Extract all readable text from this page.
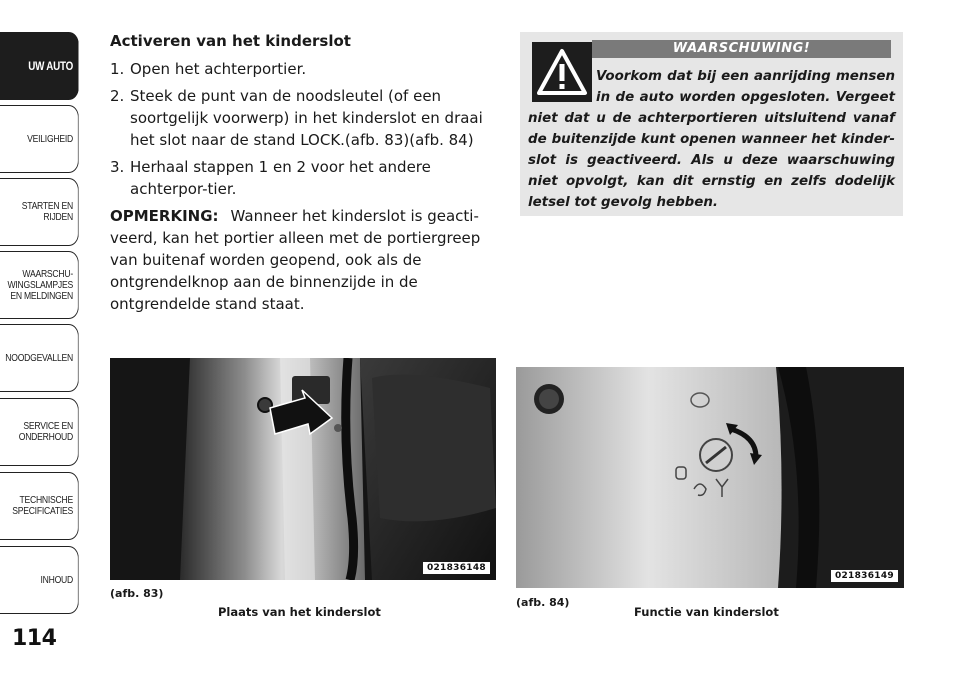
UW AUTO
VEILIGHEID
STARTEN EN
RIJDEN
WAARSCHU-
WINGSLAMPJES
EN MELDINGEN
NOODGEVALLEN
SERVICE EN
ONDERHOUD
TECHNISCHE
SPECIFICATIES
INHOUD
114
Activeren van het kinderslot
1. Open het achterportier.
2. Steek de punt van de noodsleutel (of een soortgelijk voorwerp) in het kinderslot en draai het slot naar de stand LOCK.(afb. 83)(afb. 84)
3. Herhaal stappen 1 en 2 voor het andere achterpor-tier.
OPMERKING: Wanneer het kinderslot is geacti-veerd, kan het portier alleen met de portiergreep van buitenaf worden geopend, ook als de ontgrendelknop aan de binnenzijde in de ontgrendelde stand staat.
WAARSCHUWING!
Voorkom dat bij een aanrijding mensen in de auto worden opgesloten. Vergeet niet dat u de achterportieren uitsluitend vanaf de buitenzijde kunt openen wanneer het kinder-slot is geactiveerd. Als u deze waarschuwing niet opvolgt, kan dit ernstig en zelfs dodelijk letsel tot gevolg hebben.
021836148
(afb. 83)
Plaats van het kinderslot
021836149
(afb. 84)
Functie van kinderslot
